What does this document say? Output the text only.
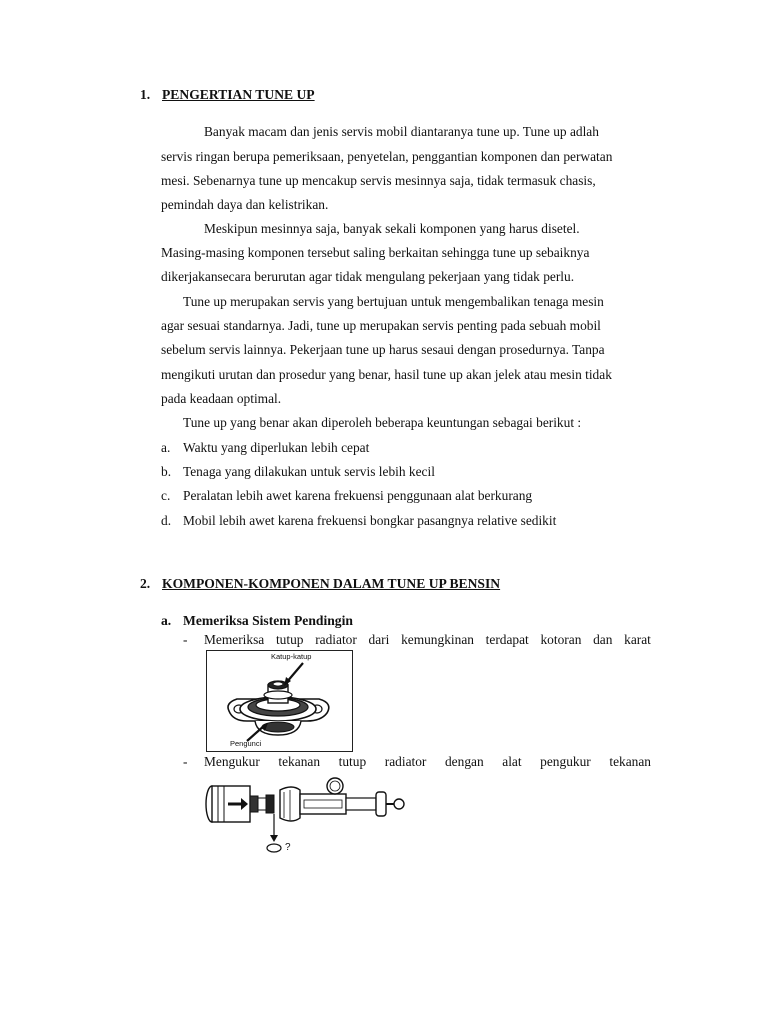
1. PENGERTIAN TUNE UP
Banyak macam dan jenis servis mobil diantaranya tune up. Tune up adlah
servis ringan berupa pemeriksaan, penyetelan, penggantian komponen dan perwatan
mesi. Sebenarnya tune up mencakup servis mesinnya saja, tidak termasuk chasis,
pemindah daya dan kelistrikan.
Meskipun mesinnya saja, banyak sekali komponen yang harus disetel.
Masing-masing komponen tersebut saling berkaitan sehingga tune up sebaiknya
dikerjakansecara berurutan agar tidak mengulang pekerjaan yang tidak perlu.
Tune up merupakan servis yang bertujuan untuk mengembalikan tenaga mesin
agar sesuai standarnya. Jadi, tune up merupakan servis penting pada sebuah mobil
sebelum servis lainnya. Pekerjaan tune up harus sesaui dengan prosedurnya. Tanpa
mengikuti urutan dan prosedur yang benar, hasil tune up akan jelek atau mesin tidak
pada keadaan optimal.
Tune up yang benar akan diperoleh beberapa keuntungan sebagai berikut :
a. Waktu yang diperlukan lebih cepat
b. Tenaga yang dilakukan untuk servis lebih kecil
c. Peralatan lebih awet karena frekuensi penggunaan alat berkurang
d. Mobil lebih awet karena frekuensi bongkar pasangnya relative sedikit
2. KOMPONEN-KOMPONEN DALAM TUNE UP BENSIN
a. Memeriksa Sistem Pendingin
- Memeriksa tutup radiator dari kemungkinan terdapat kotoran dan karat
Katup-katup
Pengunci
- Mengukur tekanan tutup radiator dengan alat pengukur tekanan
?
